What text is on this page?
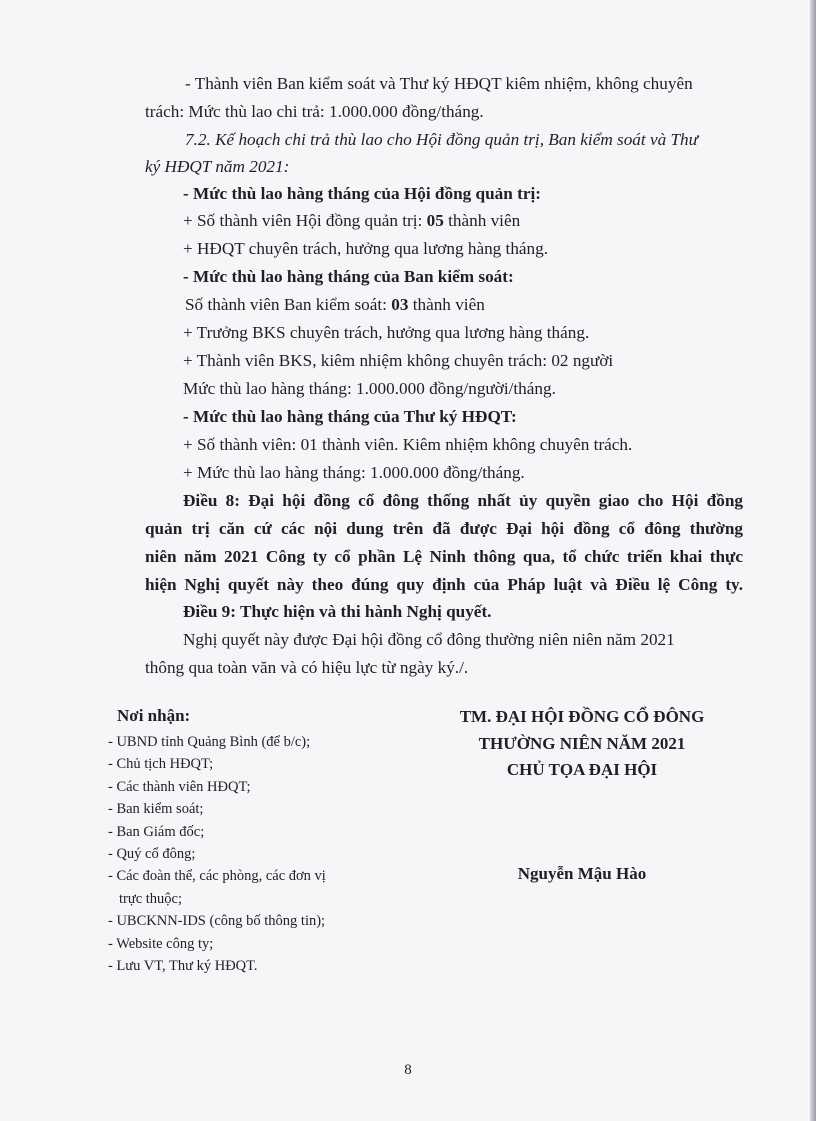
- Thành viên Ban kiểm soát và Thư ký HĐQT kiêm nhiệm, không chuyên
trách: Mức thù lao chi trả: 1.000.000 đồng/tháng.
7.2. Kế hoạch chi trả thù lao cho Hội đồng quản trị, Ban kiểm soát và Thư
ký HĐQT năm 2021:
- Mức thù lao hàng tháng của Hội đồng quản trị:
+ Số thành viên Hội đồng quản trị: 05 thành viên
+ HĐQT chuyên trách, hưởng qua lương hàng tháng.
- Mức thù lao hàng tháng của Ban kiểm soát:
Số thành viên Ban kiểm soát: 03 thành viên
+ Trưởng BKS chuyên trách, hưởng qua lương hàng tháng.
+ Thành viên BKS, kiêm nhiệm không chuyên trách: 02 người
Mức thù lao hàng tháng: 1.000.000 đồng/người/tháng.
- Mức thù lao hàng tháng của Thư ký HĐQT:
+ Số thành viên: 01 thành viên. Kiêm nhiệm không chuyên trách.
+ Mức thù lao hàng tháng: 1.000.000 đồng/tháng.
Điều 8: Đại hội đồng cổ đông thống nhất ủy quyền giao cho Hội đồng
quản trị căn cứ các nội dung trên đã được Đại hội đồng cổ đông thường
niên năm 2021 Công ty cổ phần Lệ Ninh thông qua, tổ chức triển khai thực
hiện Nghị quyết này theo đúng quy định của Pháp luật và Điều lệ Công ty.
Điều 9: Thực hiện và thi hành Nghị quyết.
Nghị quyết này được Đại hội đồng cổ đông thường niên niên năm 2021
thông qua toàn văn và có hiệu lực từ ngày ký./.
Nơi nhận:
- UBND tỉnh Quảng Bình (để b/c);
- Chủ tịch HĐQT;
- Các thành viên HĐQT;
- Ban kiểm soát;
- Ban Giám đốc;
- Quý cổ đông;
- Các đoàn thể, các phòng, các đơn vị
trực thuộc;
- UBCKNN-IDS (công bố thông tin);
- Website công ty;
- Lưu VT, Thư ký HĐQT.
TM. ĐẠI HỘI ĐỒNG CỔ ĐÔNG
THƯỜNG NIÊN NĂM 2021
CHỦ TỌA ĐẠI HỘI
Nguyễn Mậu Hào
8
